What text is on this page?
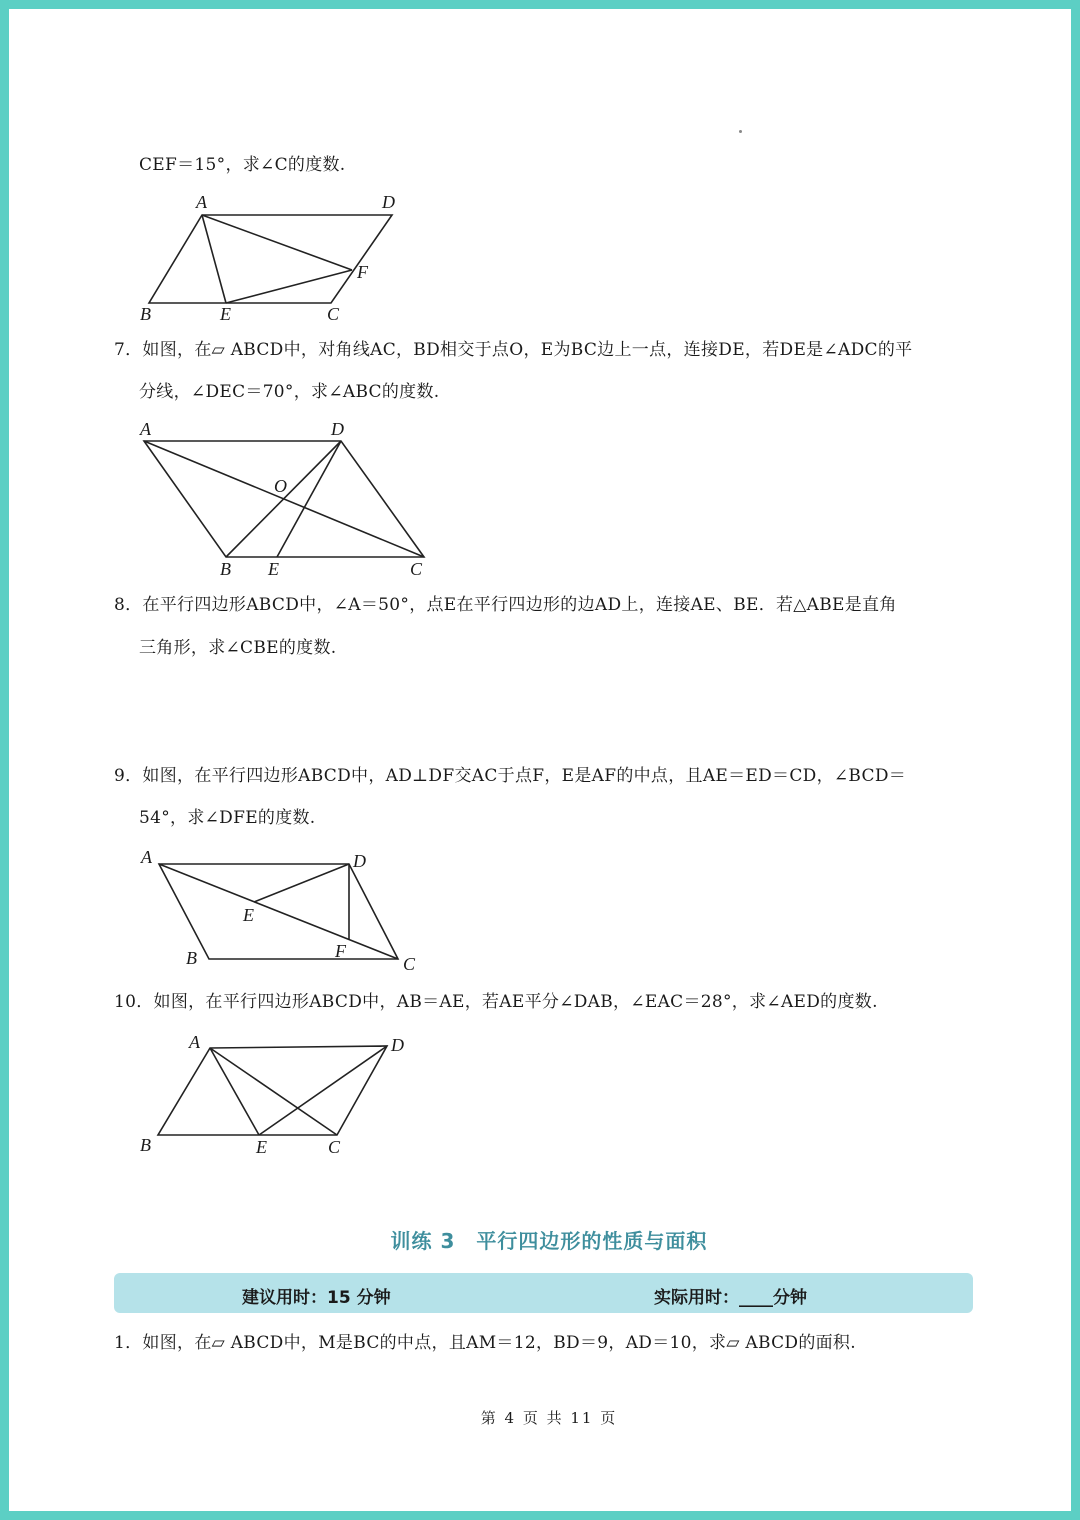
CEF＝15°，求∠C的度数.
A	D
F
B	E	C
7．如图，在▱ ABCD中，对角线AC，BD相交于点O，E为BC边上一点，连接DE，若DE是∠ADC的平
分线，∠DEC＝70°，求∠ABC的度数.
A	D
O
B E	C
8．在平行四边形ABCD中，∠A＝50°，点E在平行四边形的边AD上，连接AE、BE．若△ABE是直角
三角形，求∠CBE的度数.
9．如图，在平行四边形ABCD中，AD⊥DF交AC于点F，E是AF的中点，且AE＝ED＝CD，∠BCD＝
54°，求∠DFE的度数.
A	D
E
F
B	C
10．如图，在平行四边形ABCD中，AB＝AE，若AE平分∠DAB，∠EAC＝28°，求∠AED的度数.
A	D
B	E	C
训练 3　平行四边形的性质与面积
建议用时：15 分钟	实际用时：____分钟
1．如图，在▱ ABCD中，M是BC的中点，且AM＝12，BD＝9，AD＝10，求▱ ABCD的面积.
第 4 页 共 11 页
